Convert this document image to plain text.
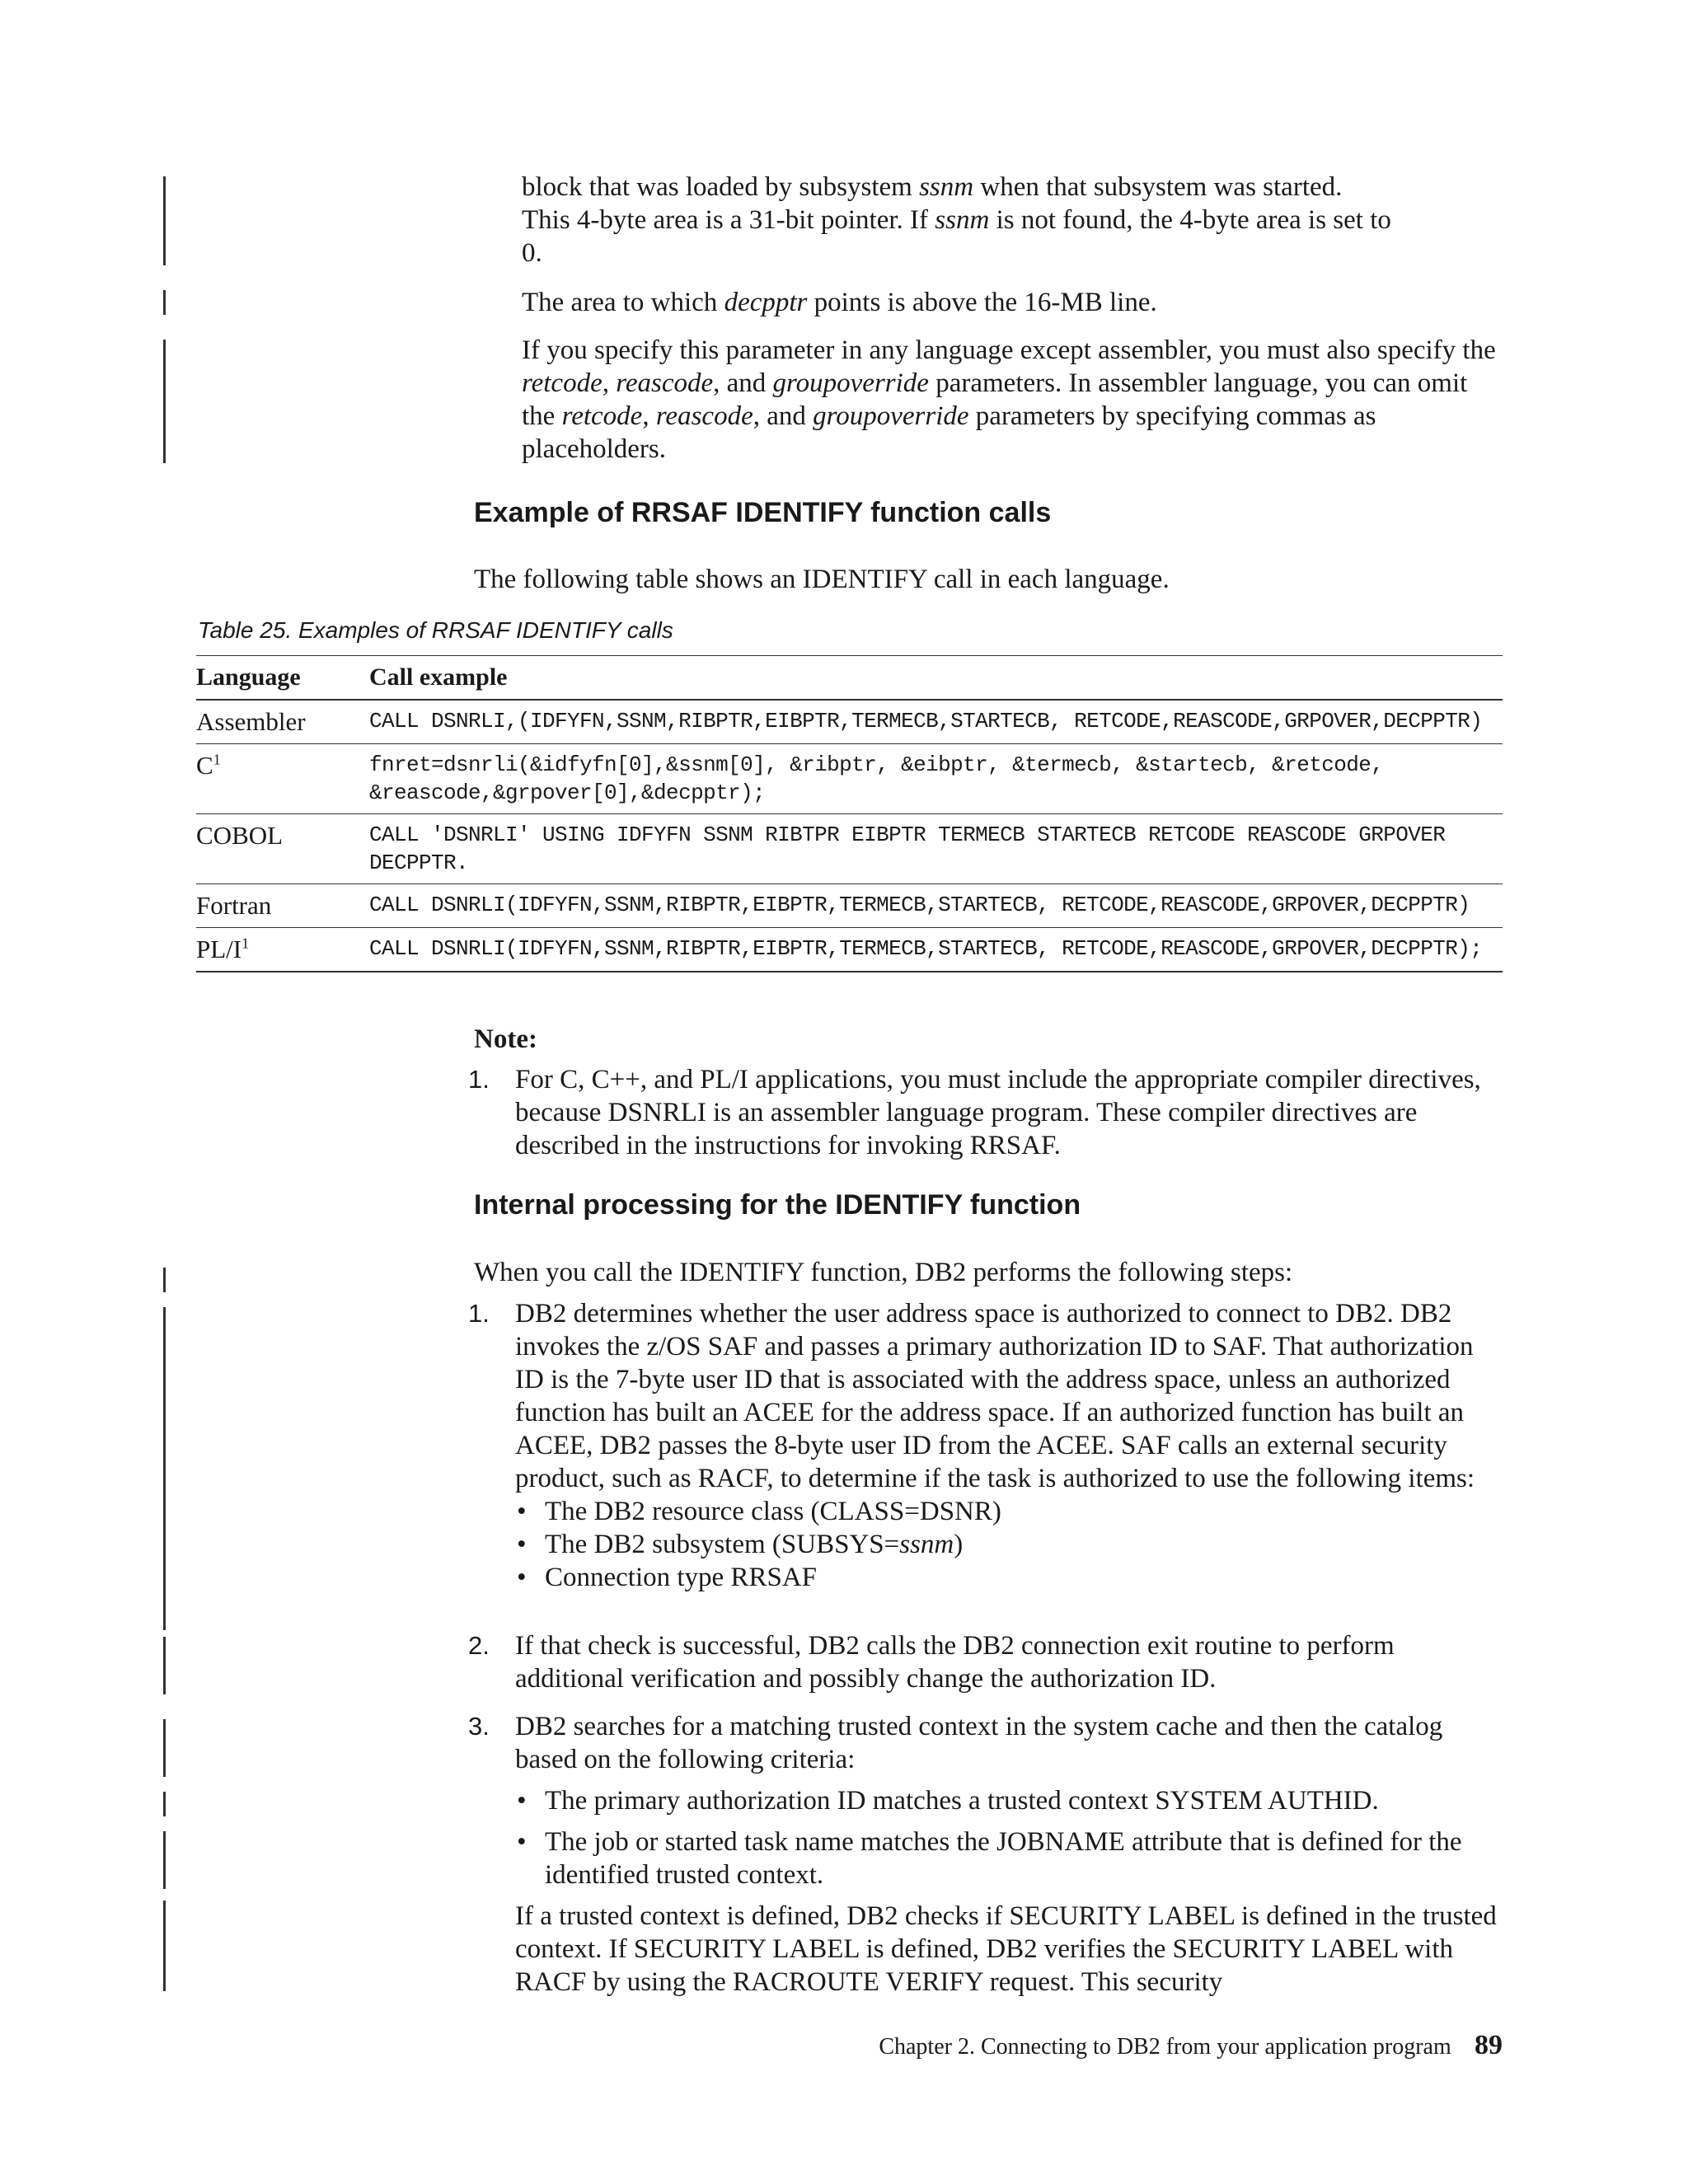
block that was loaded by subsystem ssnm when that subsystem was started.

This 4-byte area is a 31-bit pointer. If ssnm is not found, the 4-byte area is set to

0.

The area to which decpptr points is above the 16-MB line.

If you specify this parameter in any language except assembler, you must also specify the retcode, reascode, and groupoverride parameters. In assembler language, you can omit the retcode, reascode, and groupoverride parameters by specifying commas as placeholders.

Example of RRSAF IDENTIFY function calls
The following table shows an IDENTIFY call in each language.
Table 25. Examples of RRSAF IDENTIFY calls
Language	Call example
Assembler	CALL DSNRLI,(IDFYFN,SSNM,RIBPTR,EIBPTR,TERMECB,STARTECB, RETCODE,REASCODE,GRPOVER,DECPPTR)

$C^1$	fnret=dsnrli(&idfyfn[0],&ssnm[0], &ribptr, &eibptr, &termecb, &startecb, &retcode,
&reascode,&grpover[0],&decpptr);

COBOL	CALL 'DSNRLI' USING IDFYFN SSNM RIBTPR EIBPTR TERMECB STARTECB RETCODE REASCODE GRPOVER
DECPPTR.

Fortran	CALL DSNRLI(IDFYFN,SSNM,RIBPTR,EIBPTR,TERMECB,STARTECB, RETCODE,REASCODE,GRPOVER,DECPPTR)

$PL/I^1$	CALL DSNRLI(IDFYFN,SSNM,RIBPTR,EIBPTR,TERMECB,STARTECB, RETCODE,REASCODE,GRPOVER,DECPPTR);
Note:
1. For C, C++, and PL/I applications, you must include the appropriate compiler directives, because DSNRLI is an assembler language program. These compiler directives are described in the instructions for invoking RRSAF.

Internal processing for the IDENTIFY function
When you call the IDENTIFY function, DB2 performs the following steps:
1. DB2 determines whether the user address space is authorized to connect to DB2. DB2 invokes the z/OS SAF and passes a primary authorization ID to SAF. That authorization ID is the 7-byte user ID that is associated with the address space, unless an authorized function has built an ACEE for the address space. If an authorized function has built an ACEE, DB2 passes the 8-byte user ID from the ACEE. SAF calls an external security product, such as RACF, to determine if the task is authorized to use the following items:

• The DB2 resource class (CLASS=DSNR)
• The DB2 subsystem (SUBSYS=ssnm)
• Connection type RRSAF
2. If that check is successful, DB2 calls the DB2 connection exit routine to perform additional verification and possibly change the authorization ID.

3. DB2 searches for a matching trusted context in the system cache and then the catalog based on the following criteria:

• The primary authorization ID matches a trusted context SYSTEM AUTHID.
• The job or started task name matches the JOBNAME attribute that is defined for the identified trusted context.

If a trusted context is defined, DB2 checks if SECURITY LABEL is defined in the trusted context. If SECURITY LABEL is defined, DB2 verifies the SECURITY LABEL with RACF by using the RACROUTE VERIFY request. This security

Chapter 2. Connecting to DB2 from your application program 89
